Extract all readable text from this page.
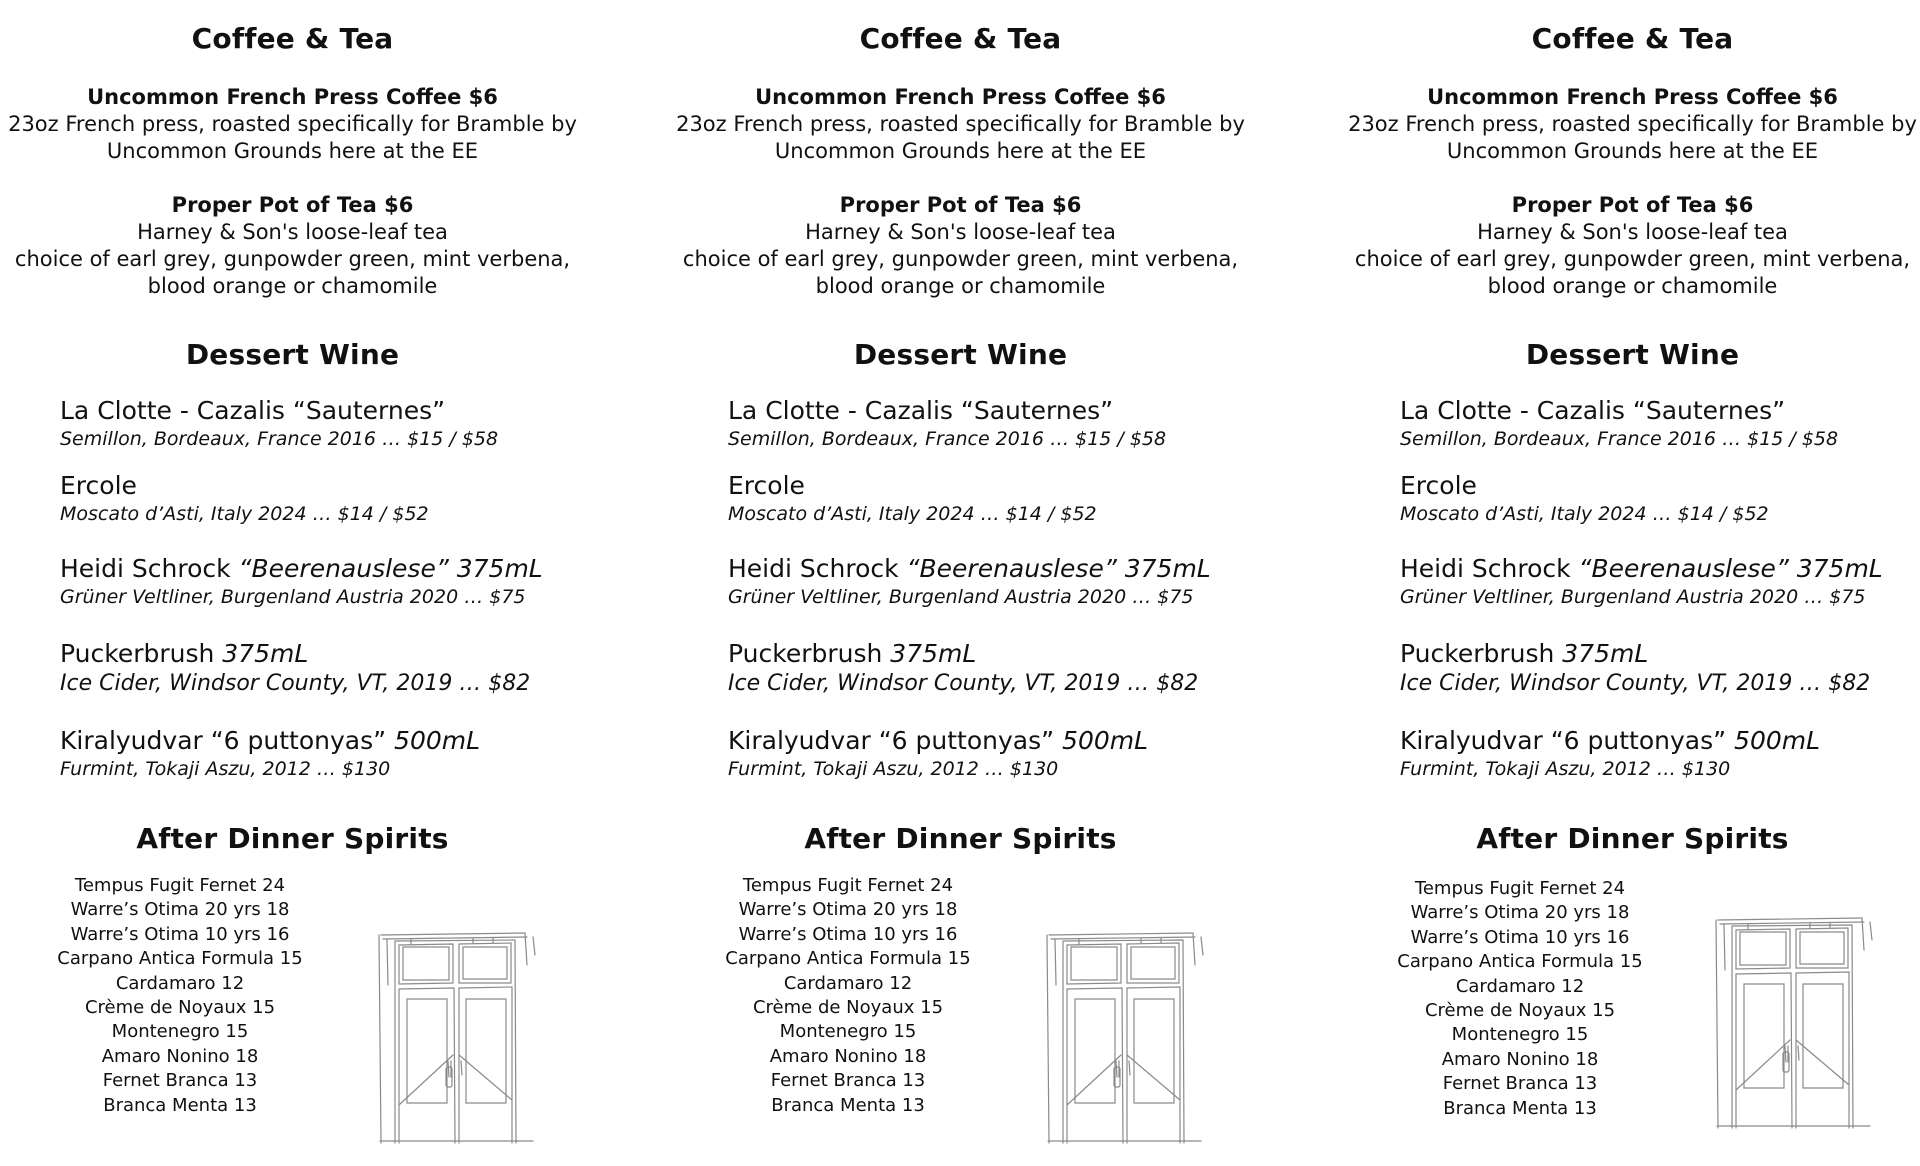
Coffee & Tea
Uncommon French Press Coffee $6
23oz French press, roasted specifically for Bramble by
Uncommon Grounds here at the EE
Proper Pot of Tea $6
Harney & Son's loose-leaf tea
choice of earl grey, gunpowder green, mint verbena,
blood orange or chamomile
Dessert Wine
La Clotte - Cazalis “Sauternes”
Semillon, Bordeaux, France 2016 … $15 / $58
Ercole
Moscato d’Asti, Italy 2024 … $14 / $52
Heidi Schrock “Beerenauslese” 375mL
Grüner Veltliner, Burgenland Austria 2020 … $75
Puckerbrush 375mL
Ice Cider, Windsor County, VT, 2019 … $82
Kiralyudvar “6 puttonyas” 500mL
Furmint, Tokaji Aszu, 2012 … $130
After Dinner Spirits
Tempus Fugit Fernet 24
Warre’s Otima 20 yrs 18
Warre’s Otima 10 yrs 16
Carpano Antica Formula 15
Cardamaro 12
Crème de Noyaux 15
Montenegro 15
Amaro Nonino 18
Fernet Branca 13
Branca Menta 13
Coffee & Tea
Uncommon French Press Coffee $6
23oz French press, roasted specifically for Bramble by
Uncommon Grounds here at the EE
Proper Pot of Tea $6
Harney & Son's loose-leaf tea
choice of earl grey, gunpowder green, mint verbena,
blood orange or chamomile
Dessert Wine
La Clotte - Cazalis “Sauternes”
Semillon, Bordeaux, France 2016 … $15 / $58
Ercole
Moscato d’Asti, Italy 2024 … $14 / $52
Heidi Schrock “Beerenauslese” 375mL
Grüner Veltliner, Burgenland Austria 2020 … $75
Puckerbrush 375mL
Ice Cider, Windsor County, VT, 2019 … $82
Kiralyudvar “6 puttonyas” 500mL
Furmint, Tokaji Aszu, 2012 … $130
After Dinner Spirits
Tempus Fugit Fernet 24
Warre’s Otima 20 yrs 18
Warre’s Otima 10 yrs 16
Carpano Antica Formula 15
Cardamaro 12
Crème de Noyaux 15
Montenegro 15
Amaro Nonino 18
Fernet Branca 13
Branca Menta 13
Coffee & Tea
Uncommon French Press Coffee $6
23oz French press, roasted specifically for Bramble by
Uncommon Grounds here at the EE
Proper Pot of Tea $6
Harney & Son's loose-leaf tea
choice of earl grey, gunpowder green, mint verbena,
blood orange or chamomile
Dessert Wine
La Clotte - Cazalis “Sauternes”
Semillon, Bordeaux, France 2016 … $15 / $58
Ercole
Moscato d’Asti, Italy 2024 … $14 / $52
Heidi Schrock “Beerenauslese” 375mL
Grüner Veltliner, Burgenland Austria 2020 … $75
Puckerbrush 375mL
Ice Cider, Windsor County, VT, 2019 … $82
Kiralyudvar “6 puttonyas” 500mL
Furmint, Tokaji Aszu, 2012 … $130
After Dinner Spirits
Tempus Fugit Fernet 24
Warre’s Otima 20 yrs 18
Warre’s Otima 10 yrs 16
Carpano Antica Formula 15
Cardamaro 12
Crème de Noyaux 15
Montenegro 15
Amaro Nonino 18
Fernet Branca 13
Branca Menta 13
